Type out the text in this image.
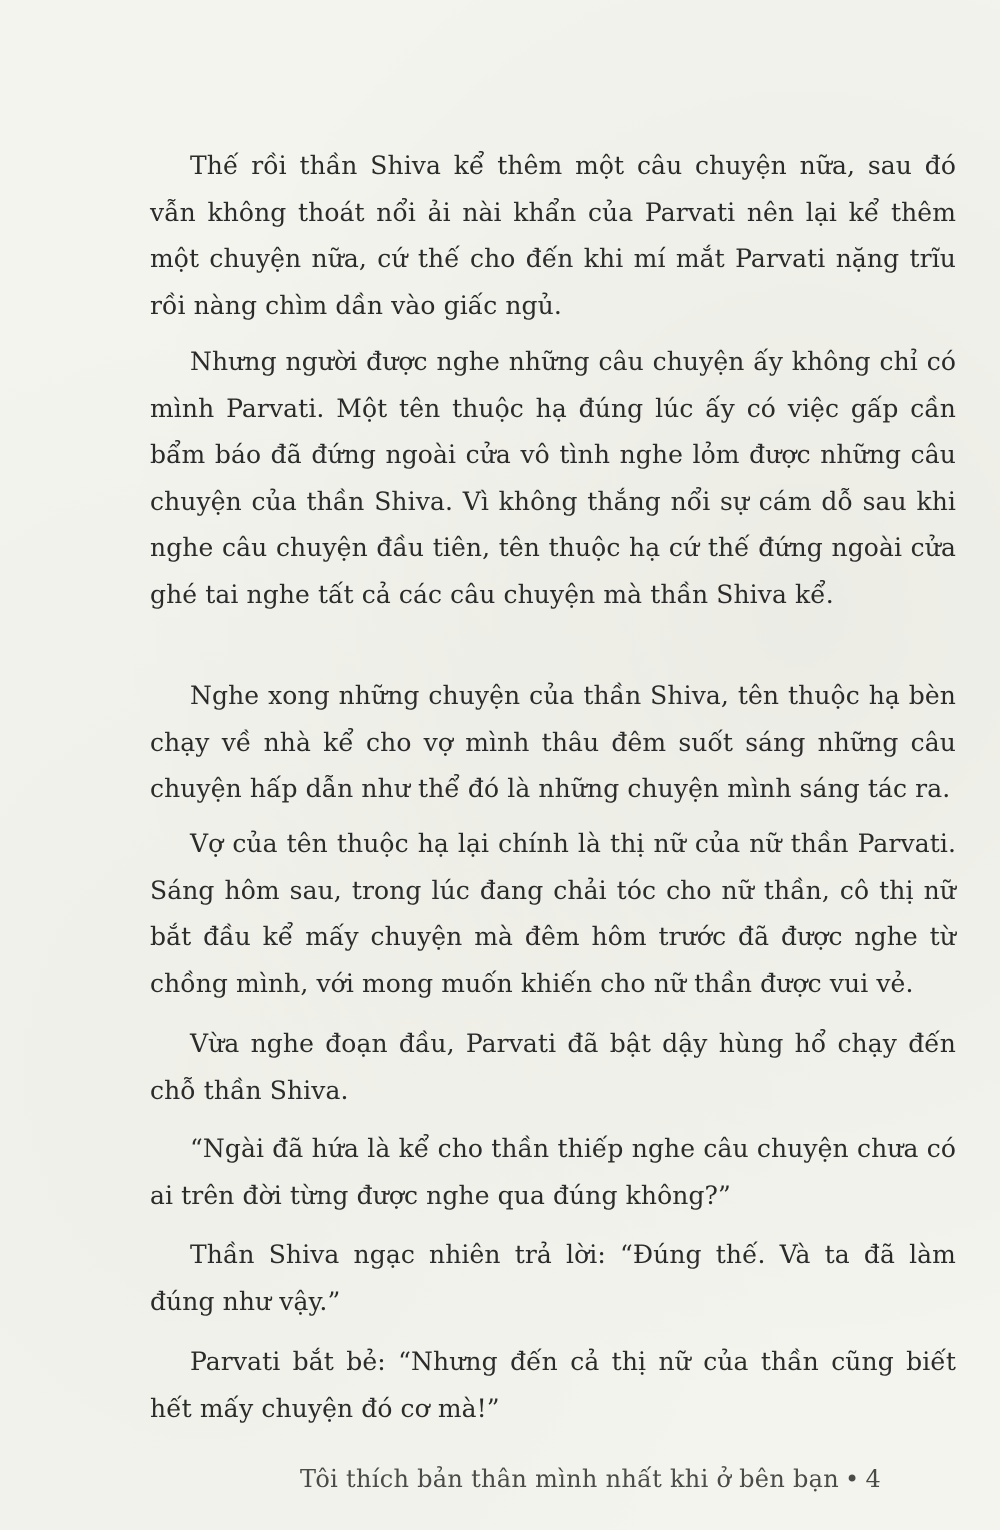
Thế rồi thần Shiva kể thêm một câu chuyện nữa, sau đó vẫn không thoát nổi ải nài khẩn của Parvati nên lại kể thêm một chuyện nữa, cứ thế cho đến khi mí mắt Parvati nặng trĩu rồi nàng chìm dần vào giấc ngủ.

Nhưng người được nghe những câu chuyện ấy không chỉ có mình Parvati. Một tên thuộc hạ đúng lúc ấy có việc gấp cần bẩm báo đã đứng ngoài cửa vô tình nghe lỏm được những câu chuyện của thần Shiva. Vì không thắng nổi sự cám dỗ sau khi nghe câu chuyện đầu tiên, tên thuộc hạ cứ thế đứng ngoài cửa ghé tai nghe tất cả các câu chuyện mà thần Shiva kể.

Nghe xong những chuyện của thần Shiva, tên thuộc hạ bèn chạy về nhà kể cho vợ mình thâu đêm suốt sáng những câu chuyện hấp dẫn như thể đó là những chuyện mình sáng tác ra.

Vợ của tên thuộc hạ lại chính là thị nữ của nữ thần Parvati. Sáng hôm sau, trong lúc đang chải tóc cho nữ thần, cô thị nữ bắt đầu kể mấy chuyện mà đêm hôm trước đã được nghe từ chồng mình, với mong muốn khiến cho nữ thần được vui vẻ.

Vừa nghe đoạn đầu, Parvati đã bật dậy hùng hổ chạy đến chỗ thần Shiva.

“Ngài đã hứa là kể cho thần thiếp nghe câu chuyện chưa có ai trên đời từng được nghe qua đúng không?”

Thần Shiva ngạc nhiên trả lời: “Đúng thế. Và ta đã làm đúng như vậy.”

Parvati bắt bẻ: “Nhưng đến cả thị nữ của thần cũng biết hết mấy chuyện đó cơ mà!”

Tôi thích bản thân mình nhất khi ở bên bạn • 4
